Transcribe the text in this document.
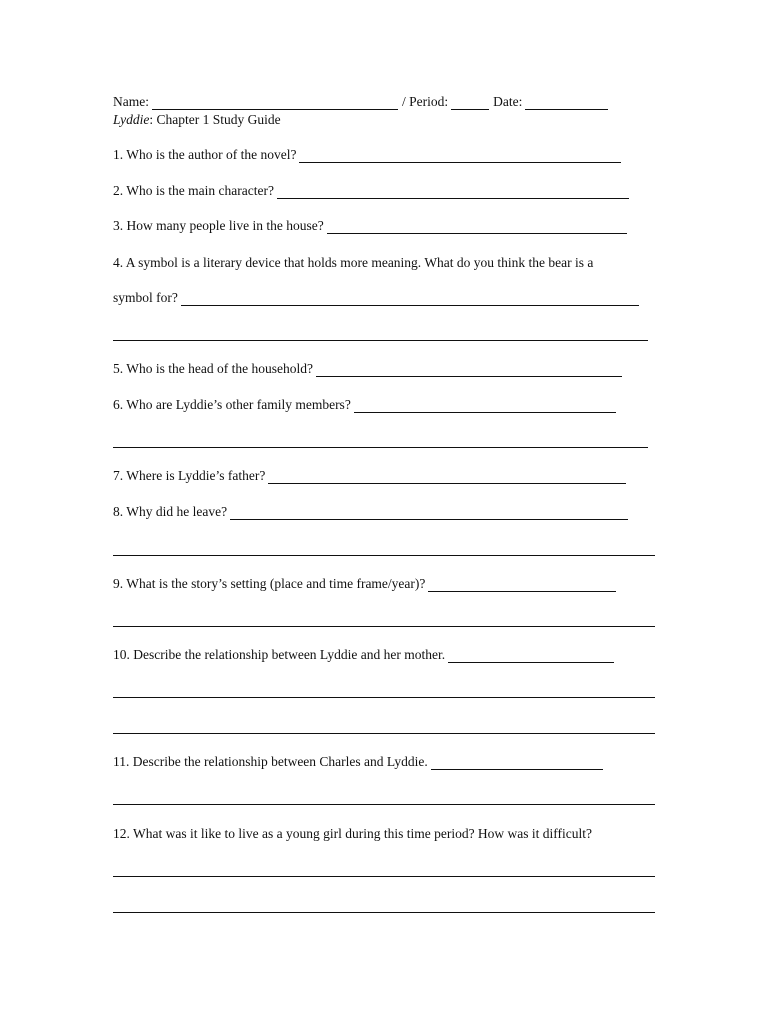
Name:	/ Period:	Date:
Lyddie : Chapter 1 Study Guide
1. Who is the author of the novel?
2. Who is the main character?
3. How many people live in the house?
4. A symbol is a literary device that holds more meaning. What do you think the bear is a
symbol for?
5. Who is the head of the household?
6. Who are Lyddie’s other family members?
7. Where is Lyddie’s father?
8. Why did he leave?
9. What is the story’s setting (place and time frame/year)?
10. Describe the relationship between Lyddie and her mother.
11. Describe the relationship between Charles and Lyddie.
12. What was it like to live as a young girl during this time period? How was it difficult?
